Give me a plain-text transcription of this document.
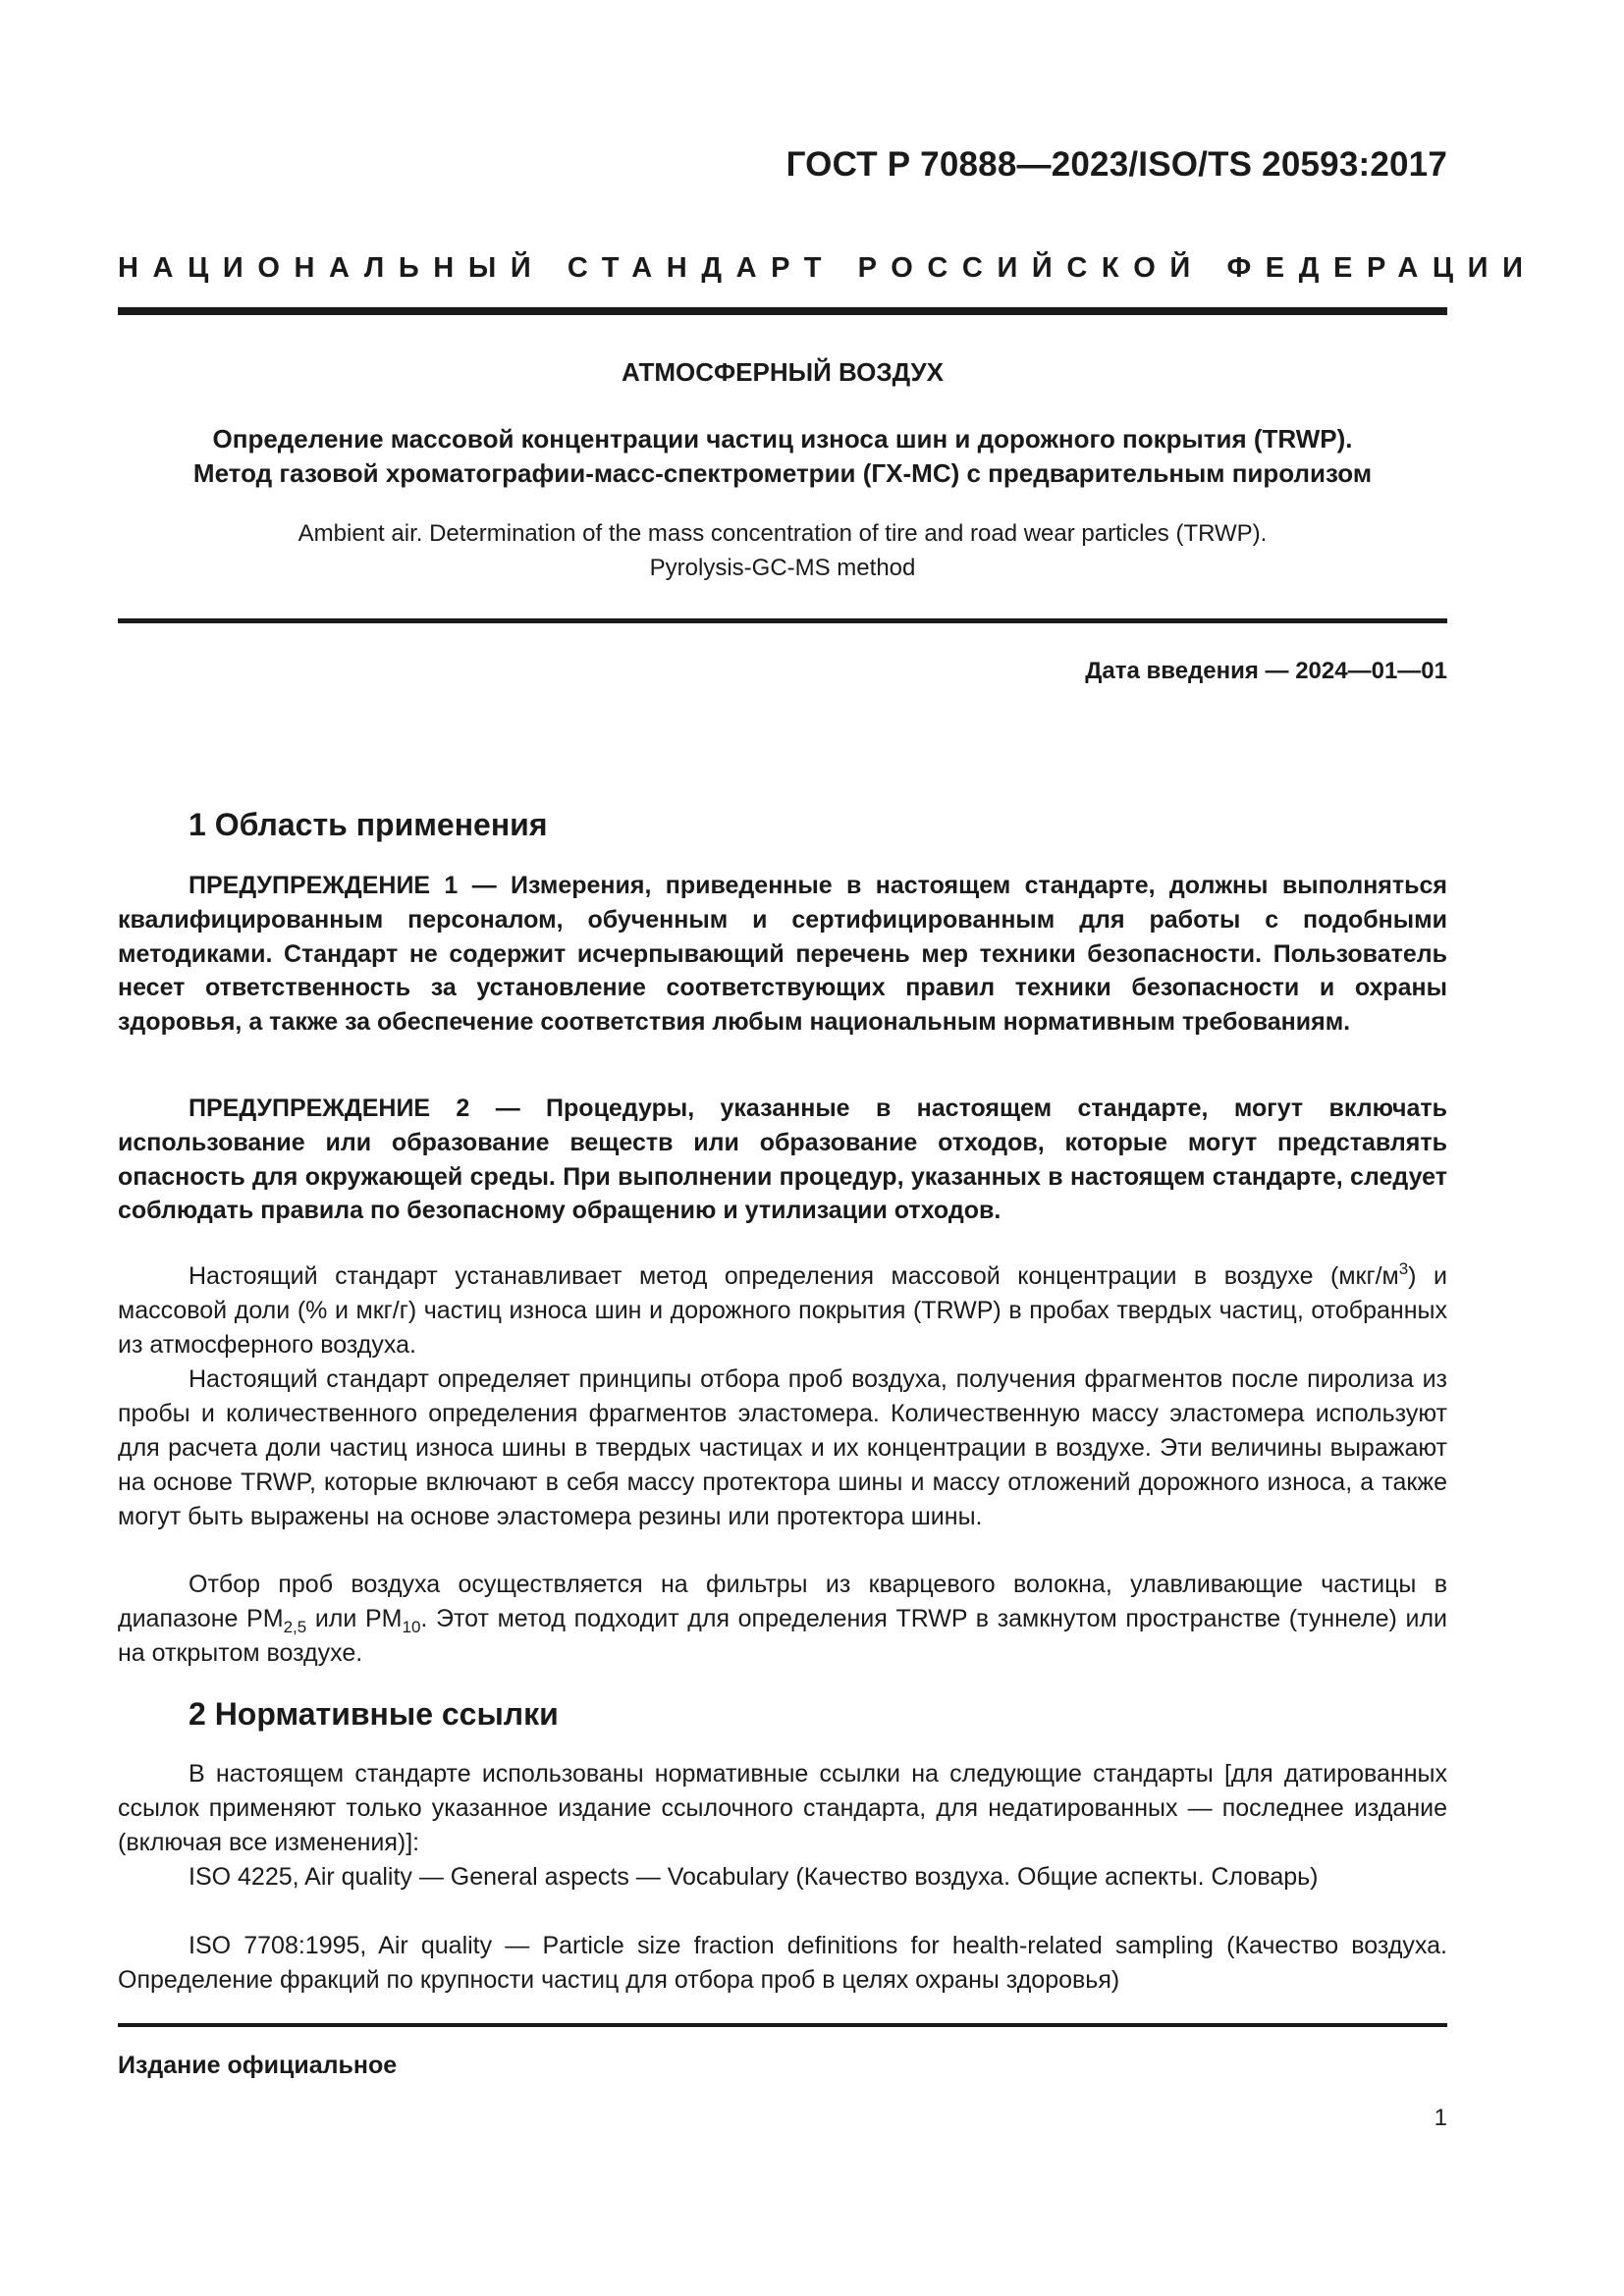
ГОСТ Р 70888—2023/ISO/TS 20593:2017
НАЦИОНАЛЬНЫЙ СТАНДАРТ РОССИЙСКОЙ ФЕДЕРАЦИИ
АТМОСФЕРНЫЙ ВОЗДУХ
Определение массовой концентрации частиц износа шин и дорожного покрытия (TRWP).
Метод газовой хроматографии-масс-спектрометрии (ГХ-МС) с предварительным пиролизом
Ambient air. Determination of the mass concentration of tire and road wear particles (TRWP).
Pyrolysis-GC-MS method
Дата введения — 2024—01—01
1 Область применения
ПРЕДУПРЕЖДЕНИЕ 1 — Измерения, приведенные в настоящем стандарте, должны выполняться квалифицированным персоналом, обученным и сертифицированным для работы с подобными методиками. Стандарт не содержит исчерпывающий перечень мер техники безопасности. Пользователь несет ответственность за установление соответствующих правил техники безопасности и охраны здоровья, а также за обеспечение соответствия любым национальным нормативным требованиям.
ПРЕДУПРЕЖДЕНИЕ 2 — Процедуры, указанные в настоящем стандарте, могут включать использование или образование веществ или образование отходов, которые могут представлять опасность для окружающей среды. При выполнении процедур, указанных в настоящем стандарте, следует соблюдать правила по безопасному обращению и утилизации отходов.
Настоящий стандарт устанавливает метод определения массовой концентрации в воздухе $(мкг/м^3)$ и массовой доли (% и мкг/г) частиц износа шин и дорожного покрытия (TRWP) в пробах твердых частиц, отобранных из атмосферного воздуха.
Настоящий стандарт определяет принципы отбора проб воздуха, получения фрагментов после пиролиза из пробы и количественного определения фрагментов эластомера. Количественную массу эластомера используют для расчета доли частиц износа шины в твердых частицах и их концентрации в воздухе. Эти величины выражают на основе TRWP, которые включают в себя массу протектора шины и массу отложений дорожного износа, а также могут быть выражены на основе эластомера резины или протектора шины.
Отбор проб воздуха осуществляется на фильтры из кварцевого волокна, улавливающие частицы в диапазоне $PM_{2,5}$ или $PM_{10}$. Этот метод подходит для определения TRWP в замкнутом пространстве (туннеле) или на открытом воздухе.
2 Нормативные ссылки
В настоящем стандарте использованы нормативные ссылки на следующие стандарты [для датированных ссылок применяют только указанное издание ссылочного стандарта, для недатированных — последнее издание (включая все изменения)]:
ISO 4225, Air quality — General aspects — Vocabulary (Качество воздуха. Общие аспекты. Словарь)
ISO 7708:1995, Air quality — Particle size fraction definitions for health-related sampling (Качество воздуха. Определение фракций по крупности частиц для отбора проб в целях охраны здоровья)
Издание официальное
1
